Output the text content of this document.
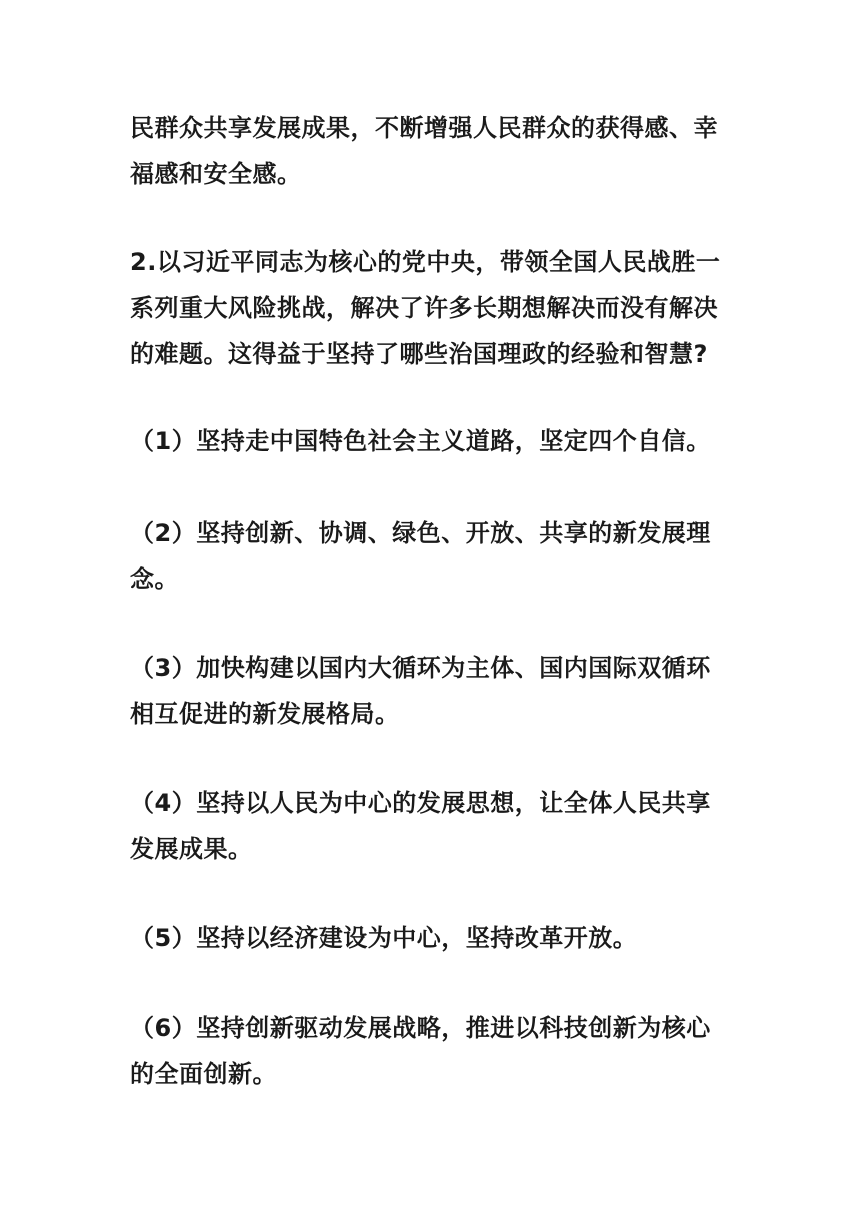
民群众共享发展成果，不断增强人民群众的获得感、幸
福感和安全感。

2.以习近平同志为核心的党中央，带领全国人民战胜一
系列重大风险挑战，解决了许多长期想解决而没有解决
的难题。这得益于坚持了哪些治国理政的经验和智慧?

（1）坚持走中国特色社会主义道路，坚定四个自信。

（2）坚持创新、协调、绿色、开放、共享的新发展理
念。

（3）加快构建以国内大循环为主体、国内国际双循环
相互促进的新发展格局。

（4）坚持以人民为中心的发展思想，让全体人民共享
发展成果。

（5）坚持以经济建设为中心，坚持改革开放。

（6）坚持创新驱动发展战略，推进以科技创新为核心
的全面创新。
